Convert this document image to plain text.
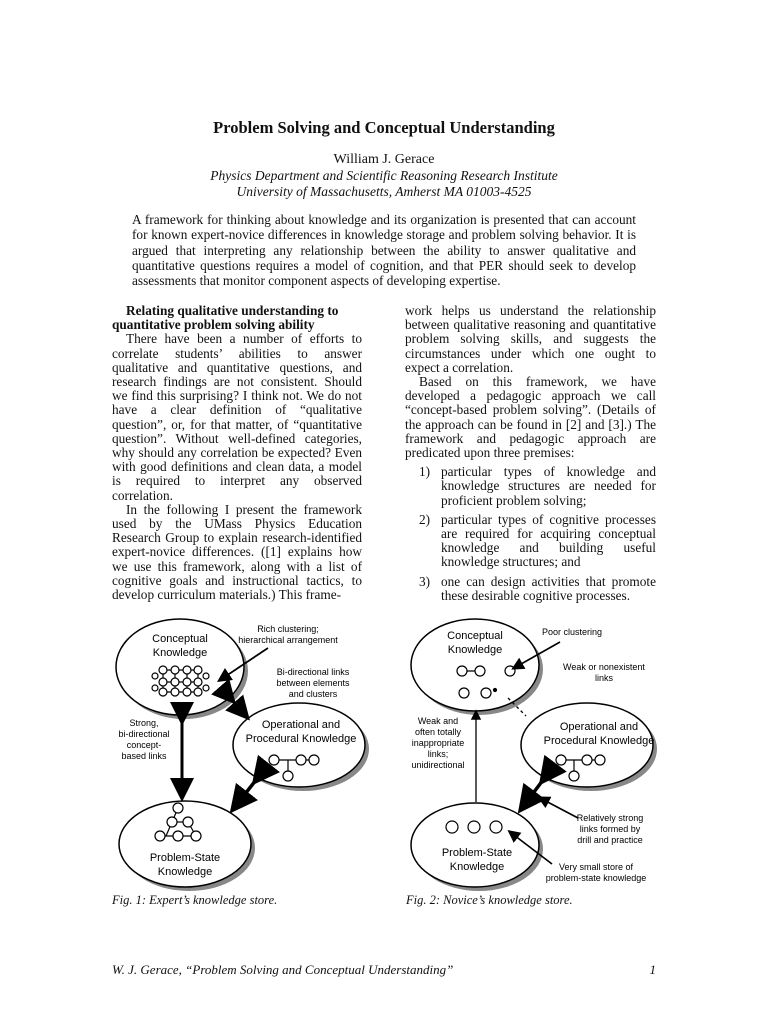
Problem Solving and Conceptual Understanding
William J. Gerace
Physics Department and Scientific Reasoning Research Institute
University of Massachusetts, Amherst MA 01003-4525
A framework for thinking about knowledge and its organization is presented that can account for known expert-novice differences in knowledge storage and problem solving behavior. It is argued that interpreting any relationship between the ability to answer qualitative and quantitative questions requires a model of cognition, and that PER should seek to develop assessments that monitor component aspects of developing expertise.

Relating qualitative understanding to quantitative problem solving ability

There have been a number of efforts to correlate students’ abilities to answer qualitative and quantitative questions, and research findings are not consistent. Should we find this surprising? I think not. We do not have a clear definition of “qualitative question”, or, for that matter, of “quantitative question”. Without well-defined categories, why should any correlation be expected? Even with good definitions and clean data, a model is required to interpret any observed correlation.

In the following I present the framework used by the UMass Physics Education Research Group to explain research-identified expert-novice differences. ([1] explains how we use this framework, along with a list of cognitive goals and instructional tactics, to develop curriculum materials.) This frame-

work helps us understand the relationship between qualitative reasoning and quantitative problem solving skills, and suggests the circumstances under which one ought to expect a correlation.

Based on this framework, we have developed a pedagogic approach we call “concept-based problem solving”. (Details of the approach can be found in [2] and [3].) The framework and pedagogic approach are predicated upon three premises:

1) particular types of knowledge and knowledge structures are needed for proficient problem solving;
2) particular types of cognitive processes are required for acquiring conceptual knowledge and building useful knowledge structures; and
3) one can design activities that promote these desirable cognitive processes.
Conceptual
Knowledge
Operational and
Procedural Knowledge
Problem-State
Knowledge
Rich clustering;
hierarchical arrangement
Bi-directional links
between elements
and clusters
Strong,
bi-directional
concept-
based links
Conceptual
Knowledge
Operational and
Procedural Knowledge
Problem-State
Knowledge
Poor clustering
Weak or nonexistent
links
Weak and
often totally
inappropriate
links;
unidirectional
Relatively strong
links formed by
drill and practice
Very small store of
problem-state knowledge
Fig. 1: Expert’s knowledge store.	Fig. 2: Novice’s knowledge store.
W. J. Gerace, “Problem Solving and Conceptual Understanding”	1
